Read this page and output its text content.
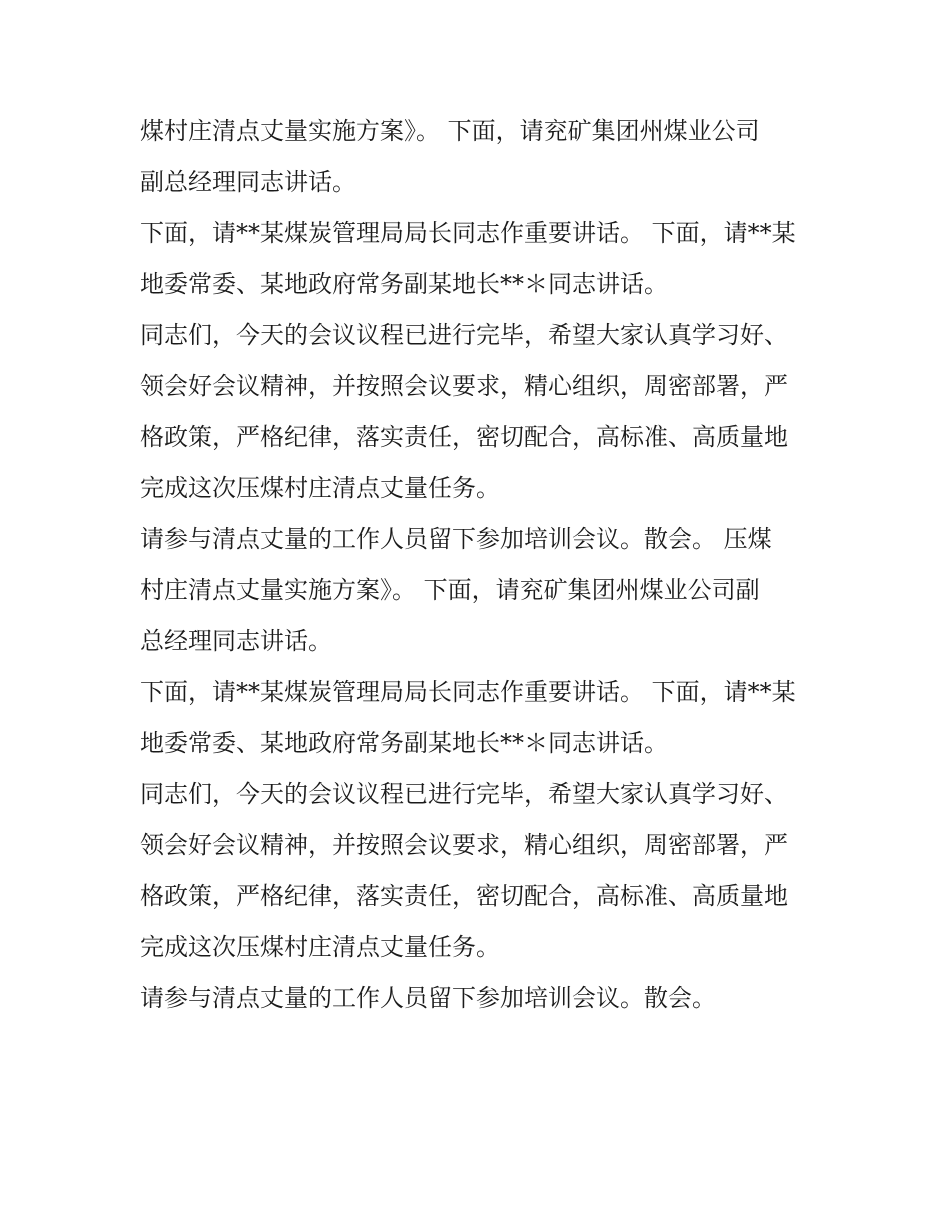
煤村庄清点丈量实施方案》。 下面，请兖矿集团州煤业公司
副总经理同志讲话。
下面，请**某煤炭管理局局长同志作重要讲话。 下面，请**某
地委常委、某地政府常务副某地长**＊同志讲话。
同志们，今天的会议议程已进行完毕，希望大家认真学习好、
领会好会议精神，并按照会议要求，精心组织，周密部署，严
格政策，严格纪律，落实责任，密切配合，高标准、高质量地
完成这次压煤村庄清点丈量任务。
请参与清点丈量的工作人员留下参加培训会议。散会。 压煤
村庄清点丈量实施方案》。 下面，请兖矿集团州煤业公司副
总经理同志讲话。
下面，请**某煤炭管理局局长同志作重要讲话。 下面，请**某
地委常委、某地政府常务副某地长**＊同志讲话。
同志们，今天的会议议程已进行完毕，希望大家认真学习好、
领会好会议精神，并按照会议要求，精心组织，周密部署，严
格政策，严格纪律，落实责任，密切配合，高标准、高质量地
完成这次压煤村庄清点丈量任务。
请参与清点丈量的工作人员留下参加培训会议。散会。
